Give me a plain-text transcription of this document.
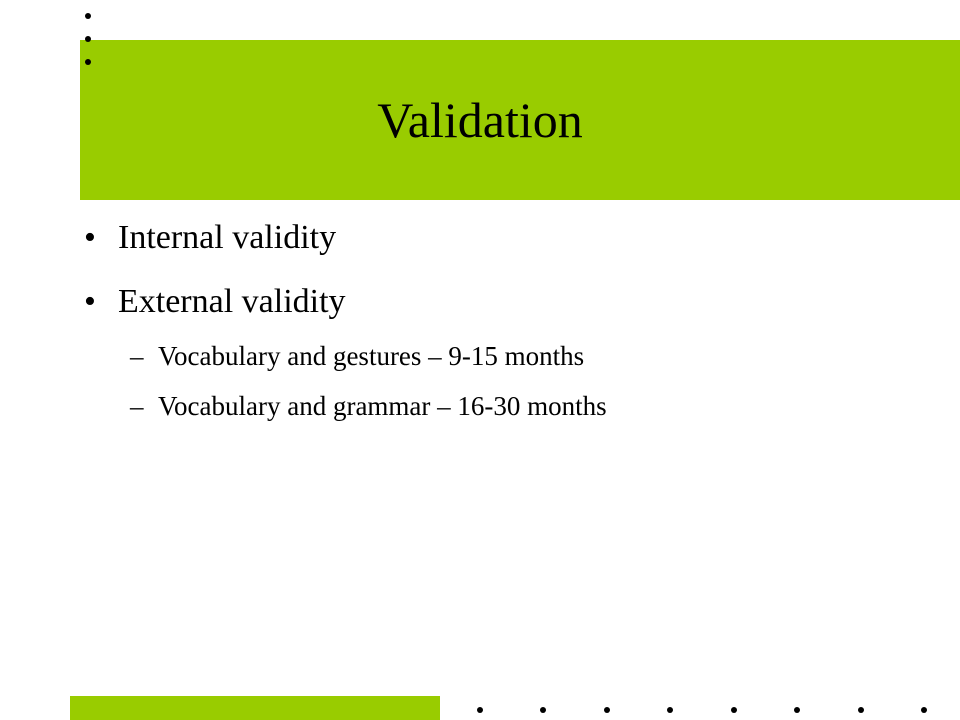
Validation
• Internal validity
• External validity
– Vocabulary and gestures – 9-15 months
– Vocabulary and grammar – 16-30 months
